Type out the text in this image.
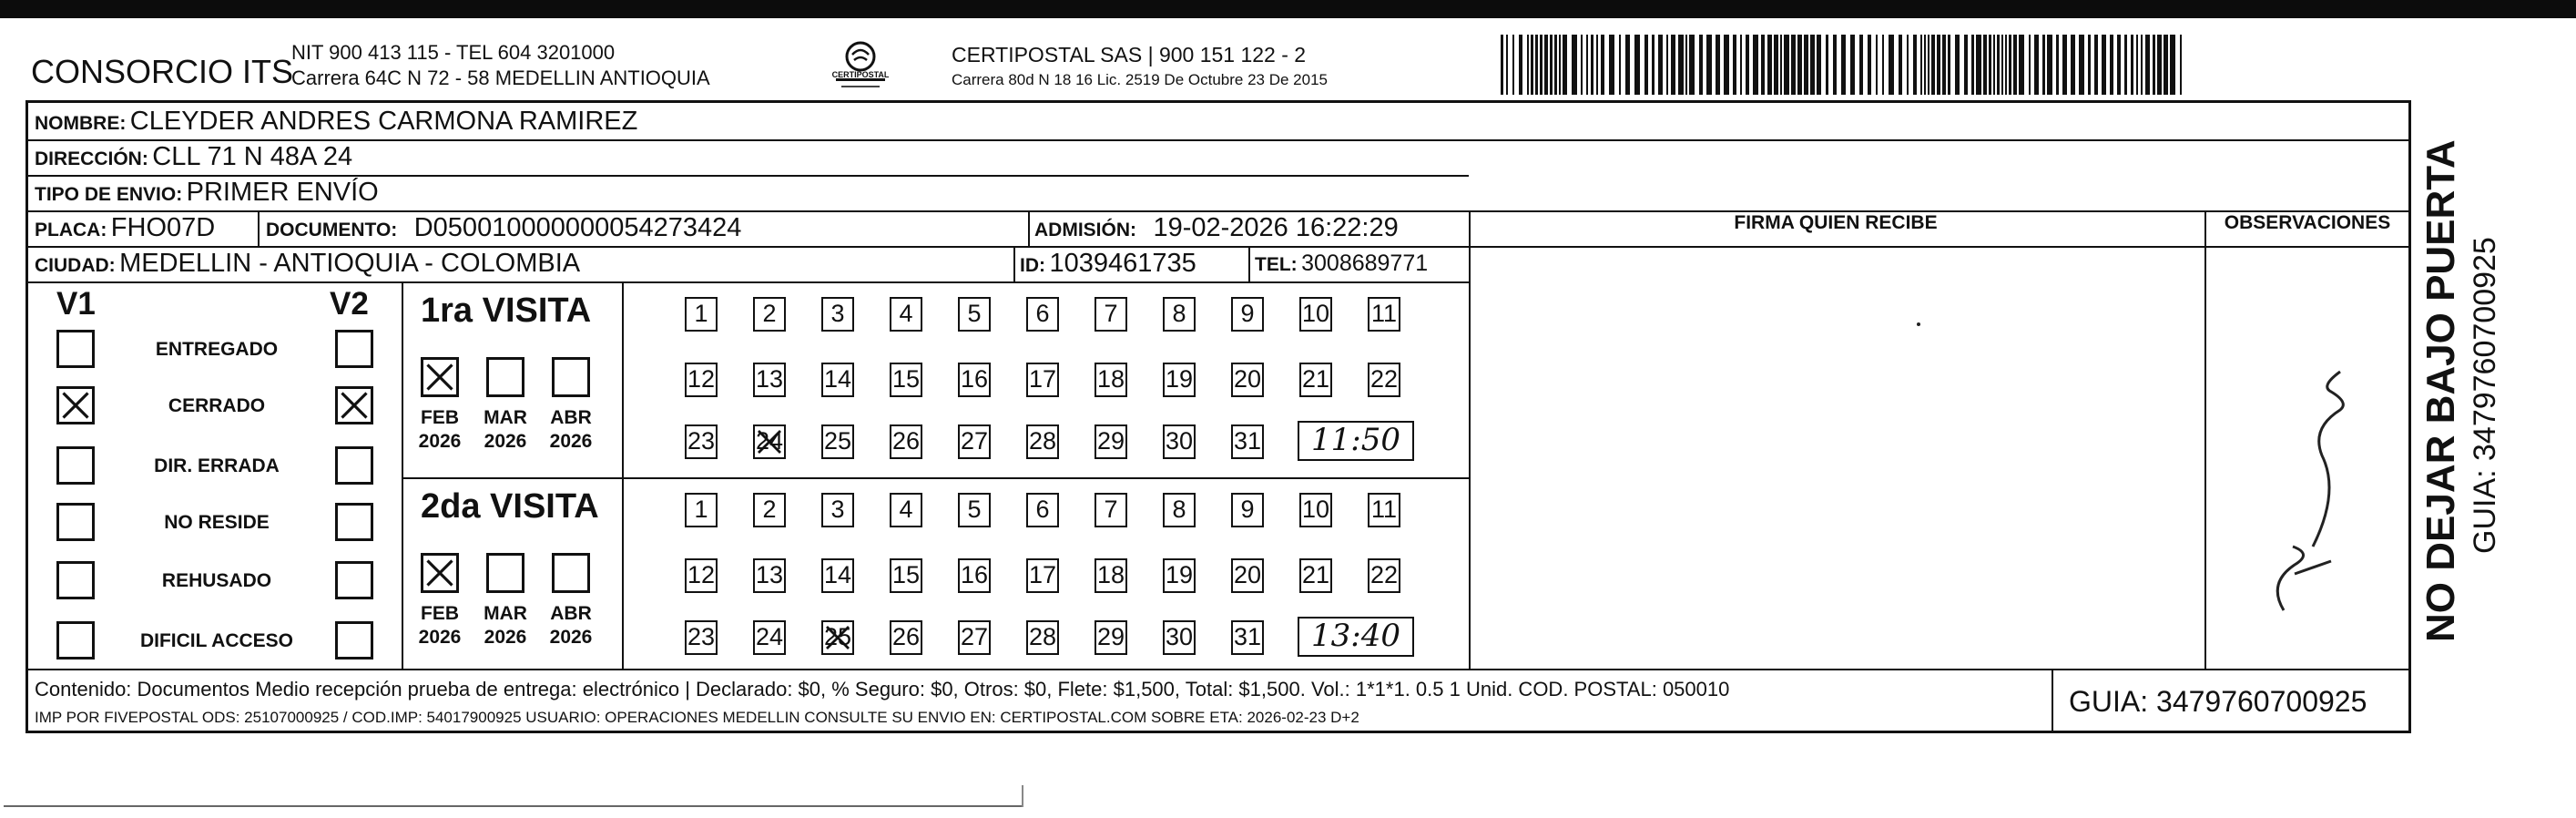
CONSORCIO ITS
NIT 900 413 115 - TEL 604 3201000
Carrera 64C N 72 - 58 MEDELLIN ANTIOQUIA	CERTIPOSTAL
CERTIPOSTAL SAS | 900 151 122 - 2
Carrera 80d N 18 16 Lic. 2519 De Octubre 23 De 2015
NOMBRE: CLEYDER ANDRES CARMONA RAMIREZ
DIRECCIÓN: CLL 71 N 48A 24
TIPO DE ENVIO: PRIMER ENVÍO
PLACA: FHO07D	DOCUMENTO: D050010000000054273424	ADMISIÓN: 19-02-2026 16:22:29
CIUDAD: MEDELLIN - ANTIOQUIA - COLOMBIA	ID: 1039461735	TEL: 3008689771
FIRMA QUIEN RECIBE	OBSERVACIONES
V1	V2
ENTREGADO
CERRADO
DIR. ERRADA
NO RESIDE
REHUSADO
DIFICIL ACCESO
1ra VISITA
FEB
2026
MAR
2026
ABR
2026
1	2	3	4	5	6	7	8	9	10 11
12 13 14 15 16 17 18 19 20 21 22
23 24 25 26 27 28 29 30 31	11:50
2da VISITA
FEB
2026
MAR
2026
ABR
2026
1	2	3	4	5	6	7	8	9	10 11
12 13 14 15 16 17 18 19 20 21 22
23 24 25 26 27 28 29 30 31	13:40
Contenido: Documentos Medio recepción prueba de entrega: electrónico | Declarado: $0, % Seguro: $0, Otros: $0, Flete: $1,500, Total: $1,500. Vol.: 1*1*1. 0.5 1 Unid. COD. POSTAL: 050010
IMP POR FIVEPOSTAL ODS: 25107000925 / COD.IMP: 54017900925 USUARIO: OPERACIONES MEDELLIN CONSULTE SU ENVIO EN: CERTIPOSTAL.COM SOBRE ETA: 2026-02-23 D+2	GUIA: 3479760700925
NO DEJAR BAJO PUERTA GUIA: 3479760700925
